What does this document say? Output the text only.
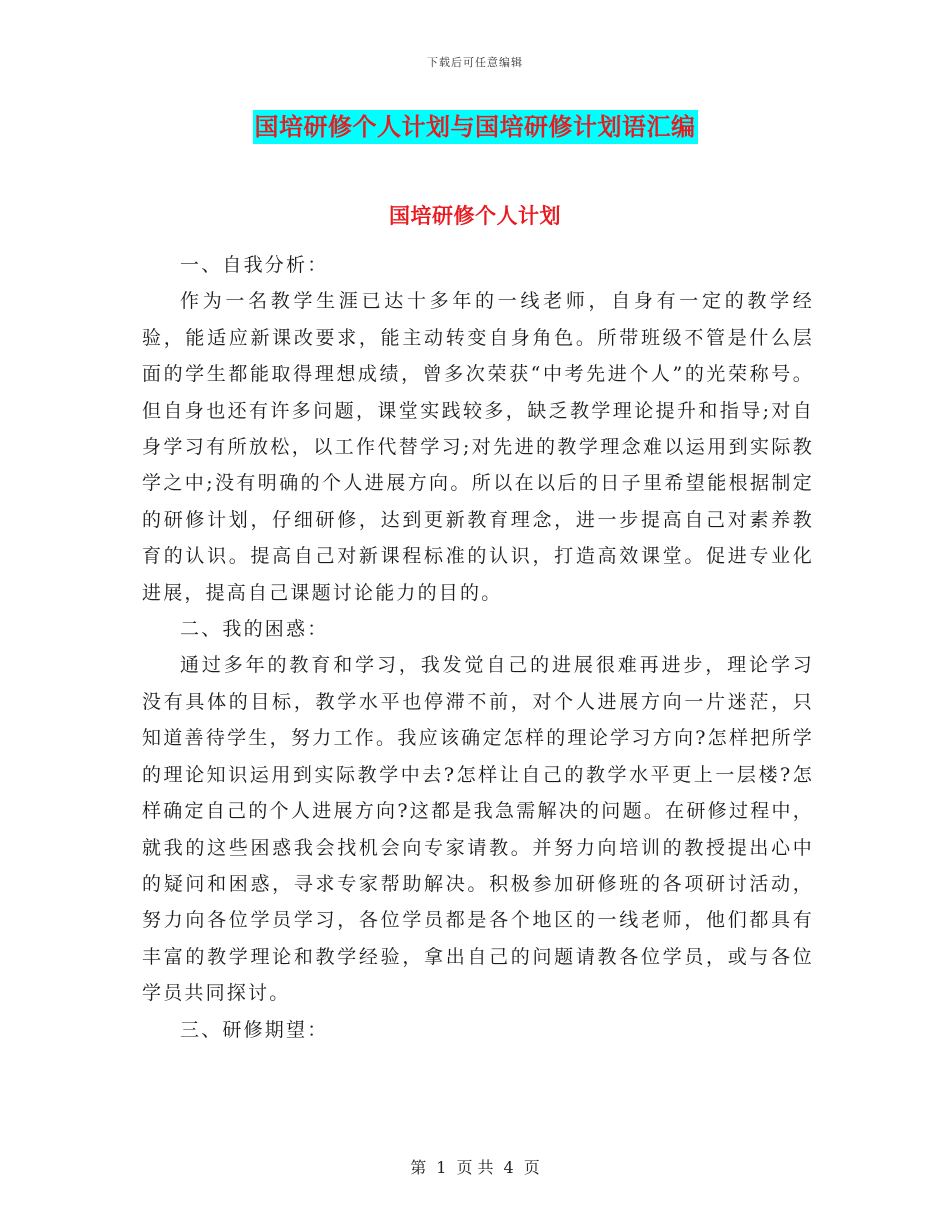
下载后可任意编辑
国培研修个人计划与国培研修计划语汇编
国培研修个人计划

一、自我分析：

作为一名教学生涯已达十多年的一线老师，自身有一定的教学经验，能适应新课改要求，能主动转变自身角色。所带班级不管是什么层面的学生都能取得理想成绩，曾多次荣获“中考先进个人”的光荣称号。但自身也还有许多问题，课堂实践较多，缺乏教学理论提升和指导;对自身学习有所放松，以工作代替学习;对先进的教学理念难以运用到实际教学之中;没有明确的个人进展方向。所以在以后的日子里希望能根据制定的研修计划，仔细研修，达到更新教育理念，进一步提高自己对素养教育的认识。提高自己对新课程标准的认识，打造高效课堂。促进专业化进展，提高自己课题讨论能力的目的。

二、我的困惑：

通过多年的教育和学习，我发觉自己的进展很难再进步，理论学习没有具体的目标，教学水平也停滞不前，对个人进展方向一片迷茫，只知道善待学生，努力工作。我应该确定怎样的理论学习方向?怎样把所学的理论知识运用到实际教学中去?怎样让自己的教学水平更上一层楼?怎样确定自己的个人进展方向?这都是我急需解决的问题。在研修过程中，就我的这些困惑我会找机会向专家请教。并努力向培训的教授提出心中的疑问和困惑，寻求专家帮助解决。积极参加研修班的各项研讨活动，努力向各位学员学习，各位学员都是各个地区的一线老师，他们都具有丰富的教学理论和教学经验，拿出自己的问题请教各位学员，或与各位学员共同探讨。

三、研修期望：

第 1 页 共 4 页
